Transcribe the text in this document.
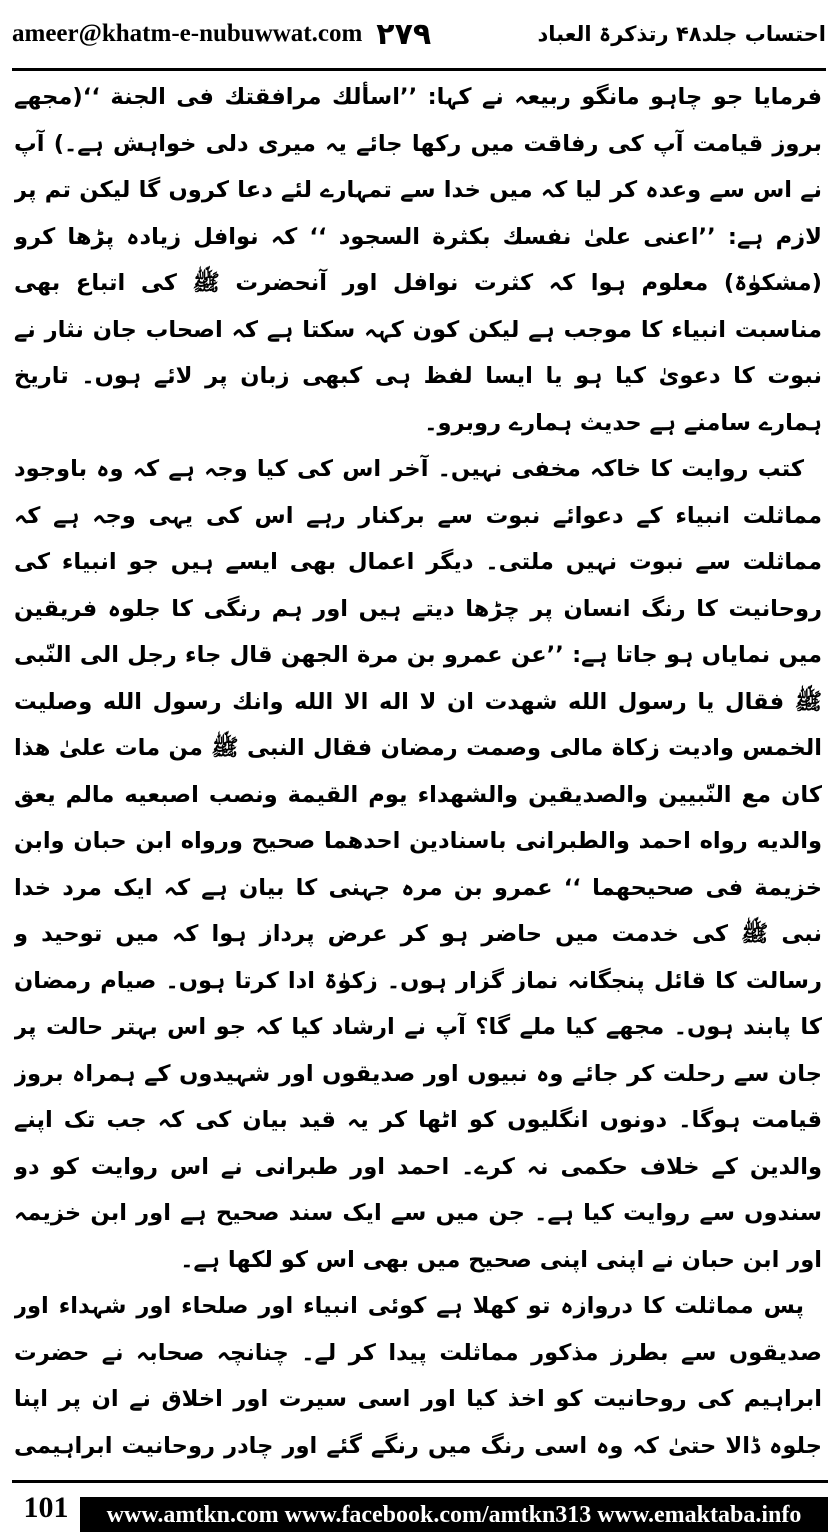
ameer@khatm-e-nubuwwat.com ۲۷۹	احتساب جلد۴۸ رتذکرۃ العباد

فرمایا جو چاہو مانگو ربیعہ نے کہا: ’’اسألك مرافقتك فی الجنة ‘‘(مجھے بروز قیامت آپ کی رفاقت میں رکھا جائے یہ میری دلی خواہش ہے۔) آپ نے اس سے وعدہ کر لیا کہ میں خدا سے تمہارے لئے دعا کروں گا لیکن تم پر لازم ہے: ’’اعنی علیٰ نفسك بكثرة السجود ‘‘ کہ نوافل زیادہ پڑھا کرو (مشکوٰۃ) معلوم ہوا کہ کثرت نوافل اور آنحضرت ﷺ کی اتباع بھی مناسبت انبیاء کا موجب ہے لیکن کون کہہ سکتا ہے کہ اصحاب جان نثار نے نبوت کا دعویٰ کیا ہو یا ایسا لفظ ہی کبھی زبان پر لائے ہوں۔ تاریخ ہمارے سامنے ہے حدیث ہمارے روبرو۔

کتب روایت کا خاکہ مخفی نہیں۔ آخر اس کی کیا وجہ ہے کہ وہ باوجود مماثلت انبیاء کے دعوائے نبوت سے برکنار رہے اس کی یہی وجہ ہے کہ مماثلت سے نبوت نہیں ملتی۔ دیگر اعمال بھی ایسے ہیں جو انبیاء کی روحانیت کا رنگ انسان پر چڑھا دیتے ہیں اور ہم رنگی کا جلوہ فریقین میں نمایاں ہو جاتا ہے: ’’عن عمرو بن مرة الجهن قال جاء رجل الی النّبی ﷺ فقال يا رسول الله شهدت ان لا اله الا الله وانك رسول الله وصليت الخمس واديت زكاة مالی وصمت رمضان فقال النبی ﷺ من مات علیٰ هذا كان مع النّبيين والصديقين والشهداء يوم القيمة ونصب اصبعيه مالم يعق والديه رواه احمد والطبرانی باسنادين احدهما صحيح ورواه ابن حبان وابن خزيمة فی صحيحهما ‘‘ عمرو بن مرہ جہنی کا بیان ہے کہ ایک مرد خدا نبی ﷺ کی خدمت میں حاضر ہو کر عرض پرداز ہوا کہ میں توحید و رسالت کا قائل پنجگانہ نماز گزار ہوں۔ زکوٰۃ ادا کرتا ہوں۔ صیام رمضان کا پابند ہوں۔ مجھے کیا ملے گا؟ آپ نے ارشاد کیا کہ جو اس بہتر حالت پر جان سے رحلت کر جائے وہ نبیوں اور صدیقوں اور شہیدوں کے ہمراہ بروز قیامت ہوگا۔ دونوں انگلیوں کو اٹھا کر یہ قید بیان کی کہ جب تک اپنے والدین کے خلاف حکمی نہ کرے۔ احمد اور طبرانی نے اس روایت کو دو سندوں سے روایت کیا ہے۔ جن میں سے ایک سند صحیح ہے اور ابن خزیمہ اور ابن حبان نے اپنی اپنی صحیح میں بھی اس کو لکھا ہے۔

پس مماثلت کا دروازہ تو کھلا ہے کوئی انبیاء اور صلحاء اور شہداء اور صدیقوں سے بطرز مذکور مماثلت پیدا کر لے۔ چنانچہ صحابہ نے حضرت ابراہیم کی روحانیت کو اخذ کیا اور اسی سیرت اور اخلاق نے ان پر اپنا جلوہ ڈالا حتیٰ کہ وہ اسی رنگ میں رنگے گئے اور چادر روحانیت ابراہیمی

101	www.amtkn.com www.facebook.com/amtkn313 www.emaktaba.info
